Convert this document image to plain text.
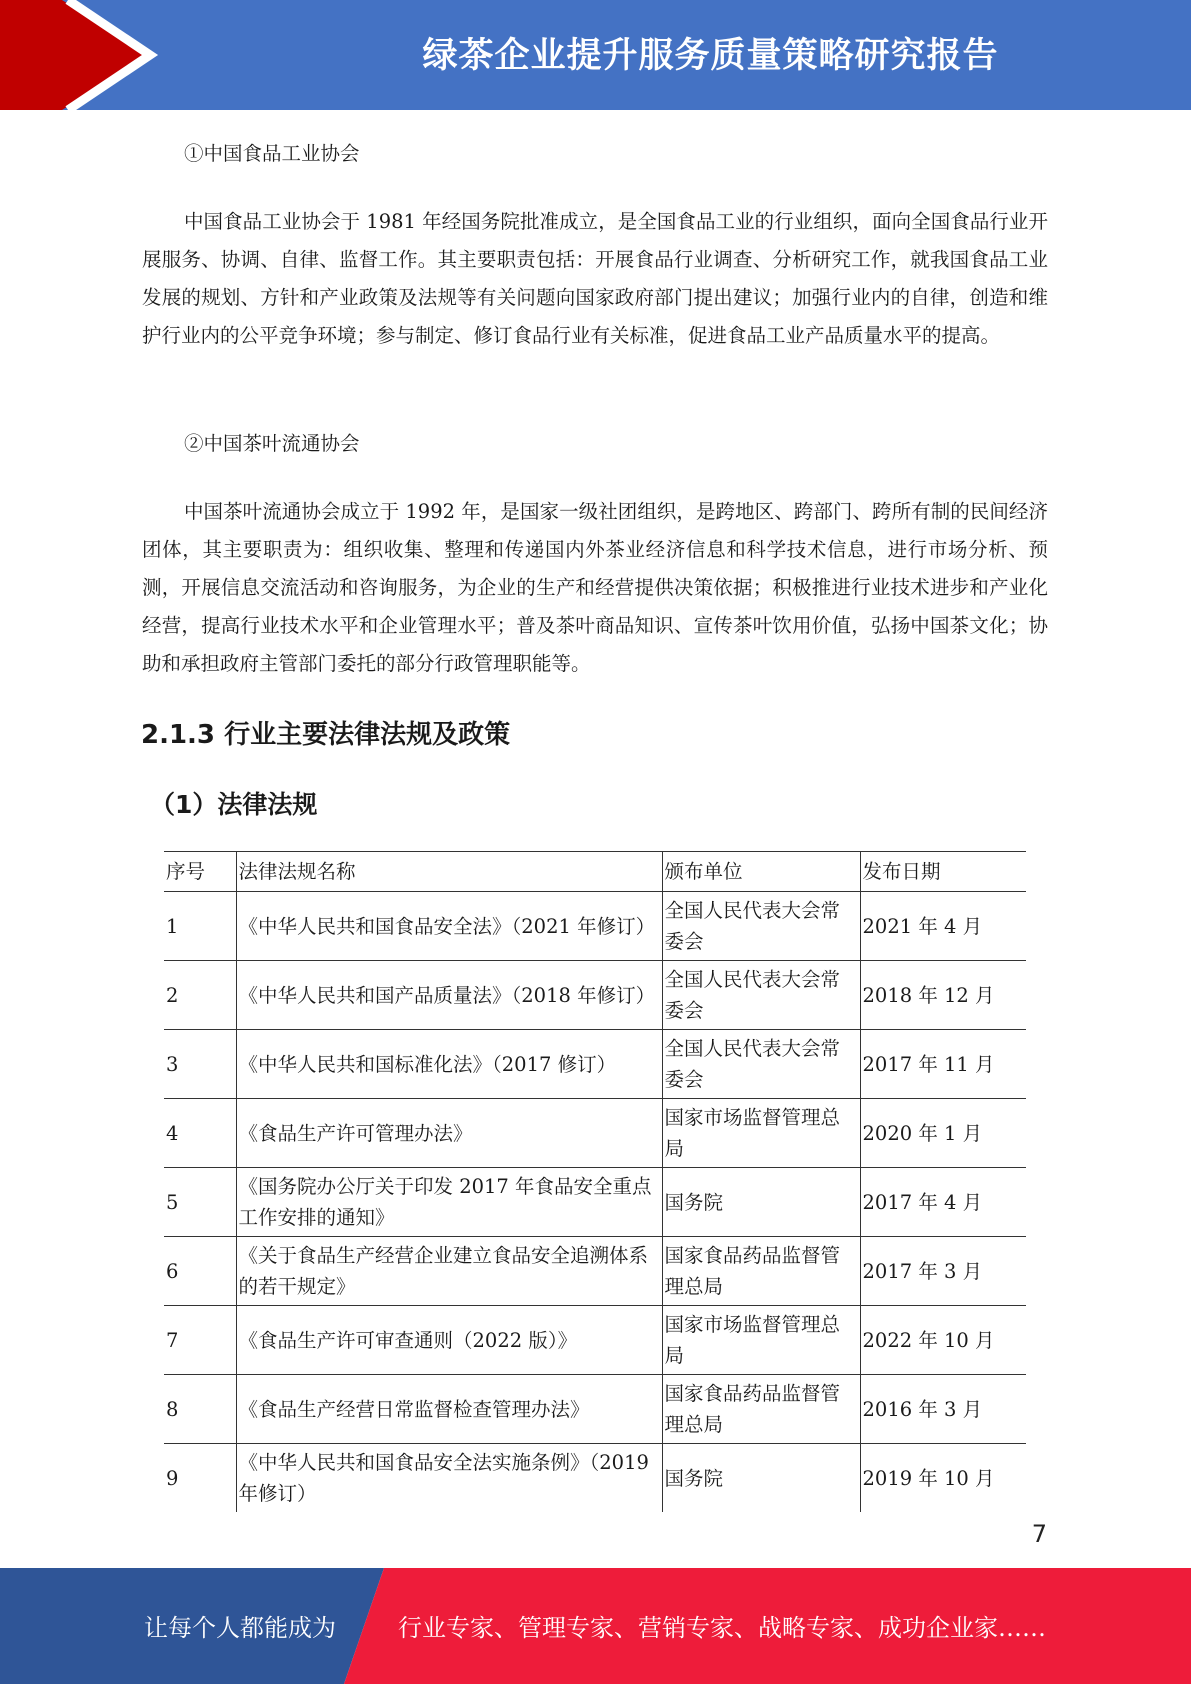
绿茶企业提升服务质量策略研究报告
①中国食品工业协会
中国食品工业协会于 1981 年经国务院批准成立，是全国食品工业的行业组织，面向全国食品行业开展服务、协调、自律、监督工作。其主要职责包括：开展食品行业调查、分析研究工作，就我国食品工业发展的规划、方针和产业政策及法规等有关问题向国家政府部门提出建议；加强行业内的自律，创造和维护行业内的公平竞争环境；参与制定、修订食品行业有关标准，促进食品工业产品质量水平的提高。
②中国茶叶流通协会
中国茶叶流通协会成立于 1992 年，是国家一级社团组织，是跨地区、跨部门、跨所有制的民间经济团体，其主要职责为：组织收集、整理和传递国内外茶业经济信息和科学技术信息，进行市场分析、预测，开展信息交流活动和咨询服务，为企业的生产和经营提供决策依据；积极推进行业技术进步和产业化经营，提高行业技术水平和企业管理水平；普及茶叶商品知识、宣传茶叶饮用价值，弘扬中国茶文化；协助和承担政府主管部门委托的部分行政管理职能等。
2.1.3 行业主要法律法规及政策
（1）法律法规
序号	法律法规名称	颁布单位	发布日期
1	《中华人民共和国食品安全法》（2021 年修订）	全国人民代表大会常委会	2021 年 4 月
2	《中华人民共和国产品质量法》（2018 年修订）	全国人民代表大会常委会	2018 年 12 月
3	《中华人民共和国标准化法》（2017 修订）	全国人民代表大会常委会	2017 年 11 月
4	《食品生产许可管理办法》	国家市场监督管理总局	2020 年 1 月
5	《国务院办公厅关于印发 2017 年食品安全重点工作安排的通知》	国务院	2017 年 4 月
6	《关于食品生产经营企业建立食品安全追溯体系的若干规定》	国家食品药品监督管理总局	2017 年 3 月
7	《食品生产许可审查通则（2022 版）》	国家市场监督管理总局	2022 年 10 月
8	《食品生产经营日常监督检查管理办法》	国家食品药品监督管理总局	2016 年 3 月
9	《中华人民共和国食品安全法实施条例》（2019 年修订）	国务院	2019 年 10 月
7
让每个人都能成为	行业专家、管理专家、营销专家、战略专家、成功企业家……
